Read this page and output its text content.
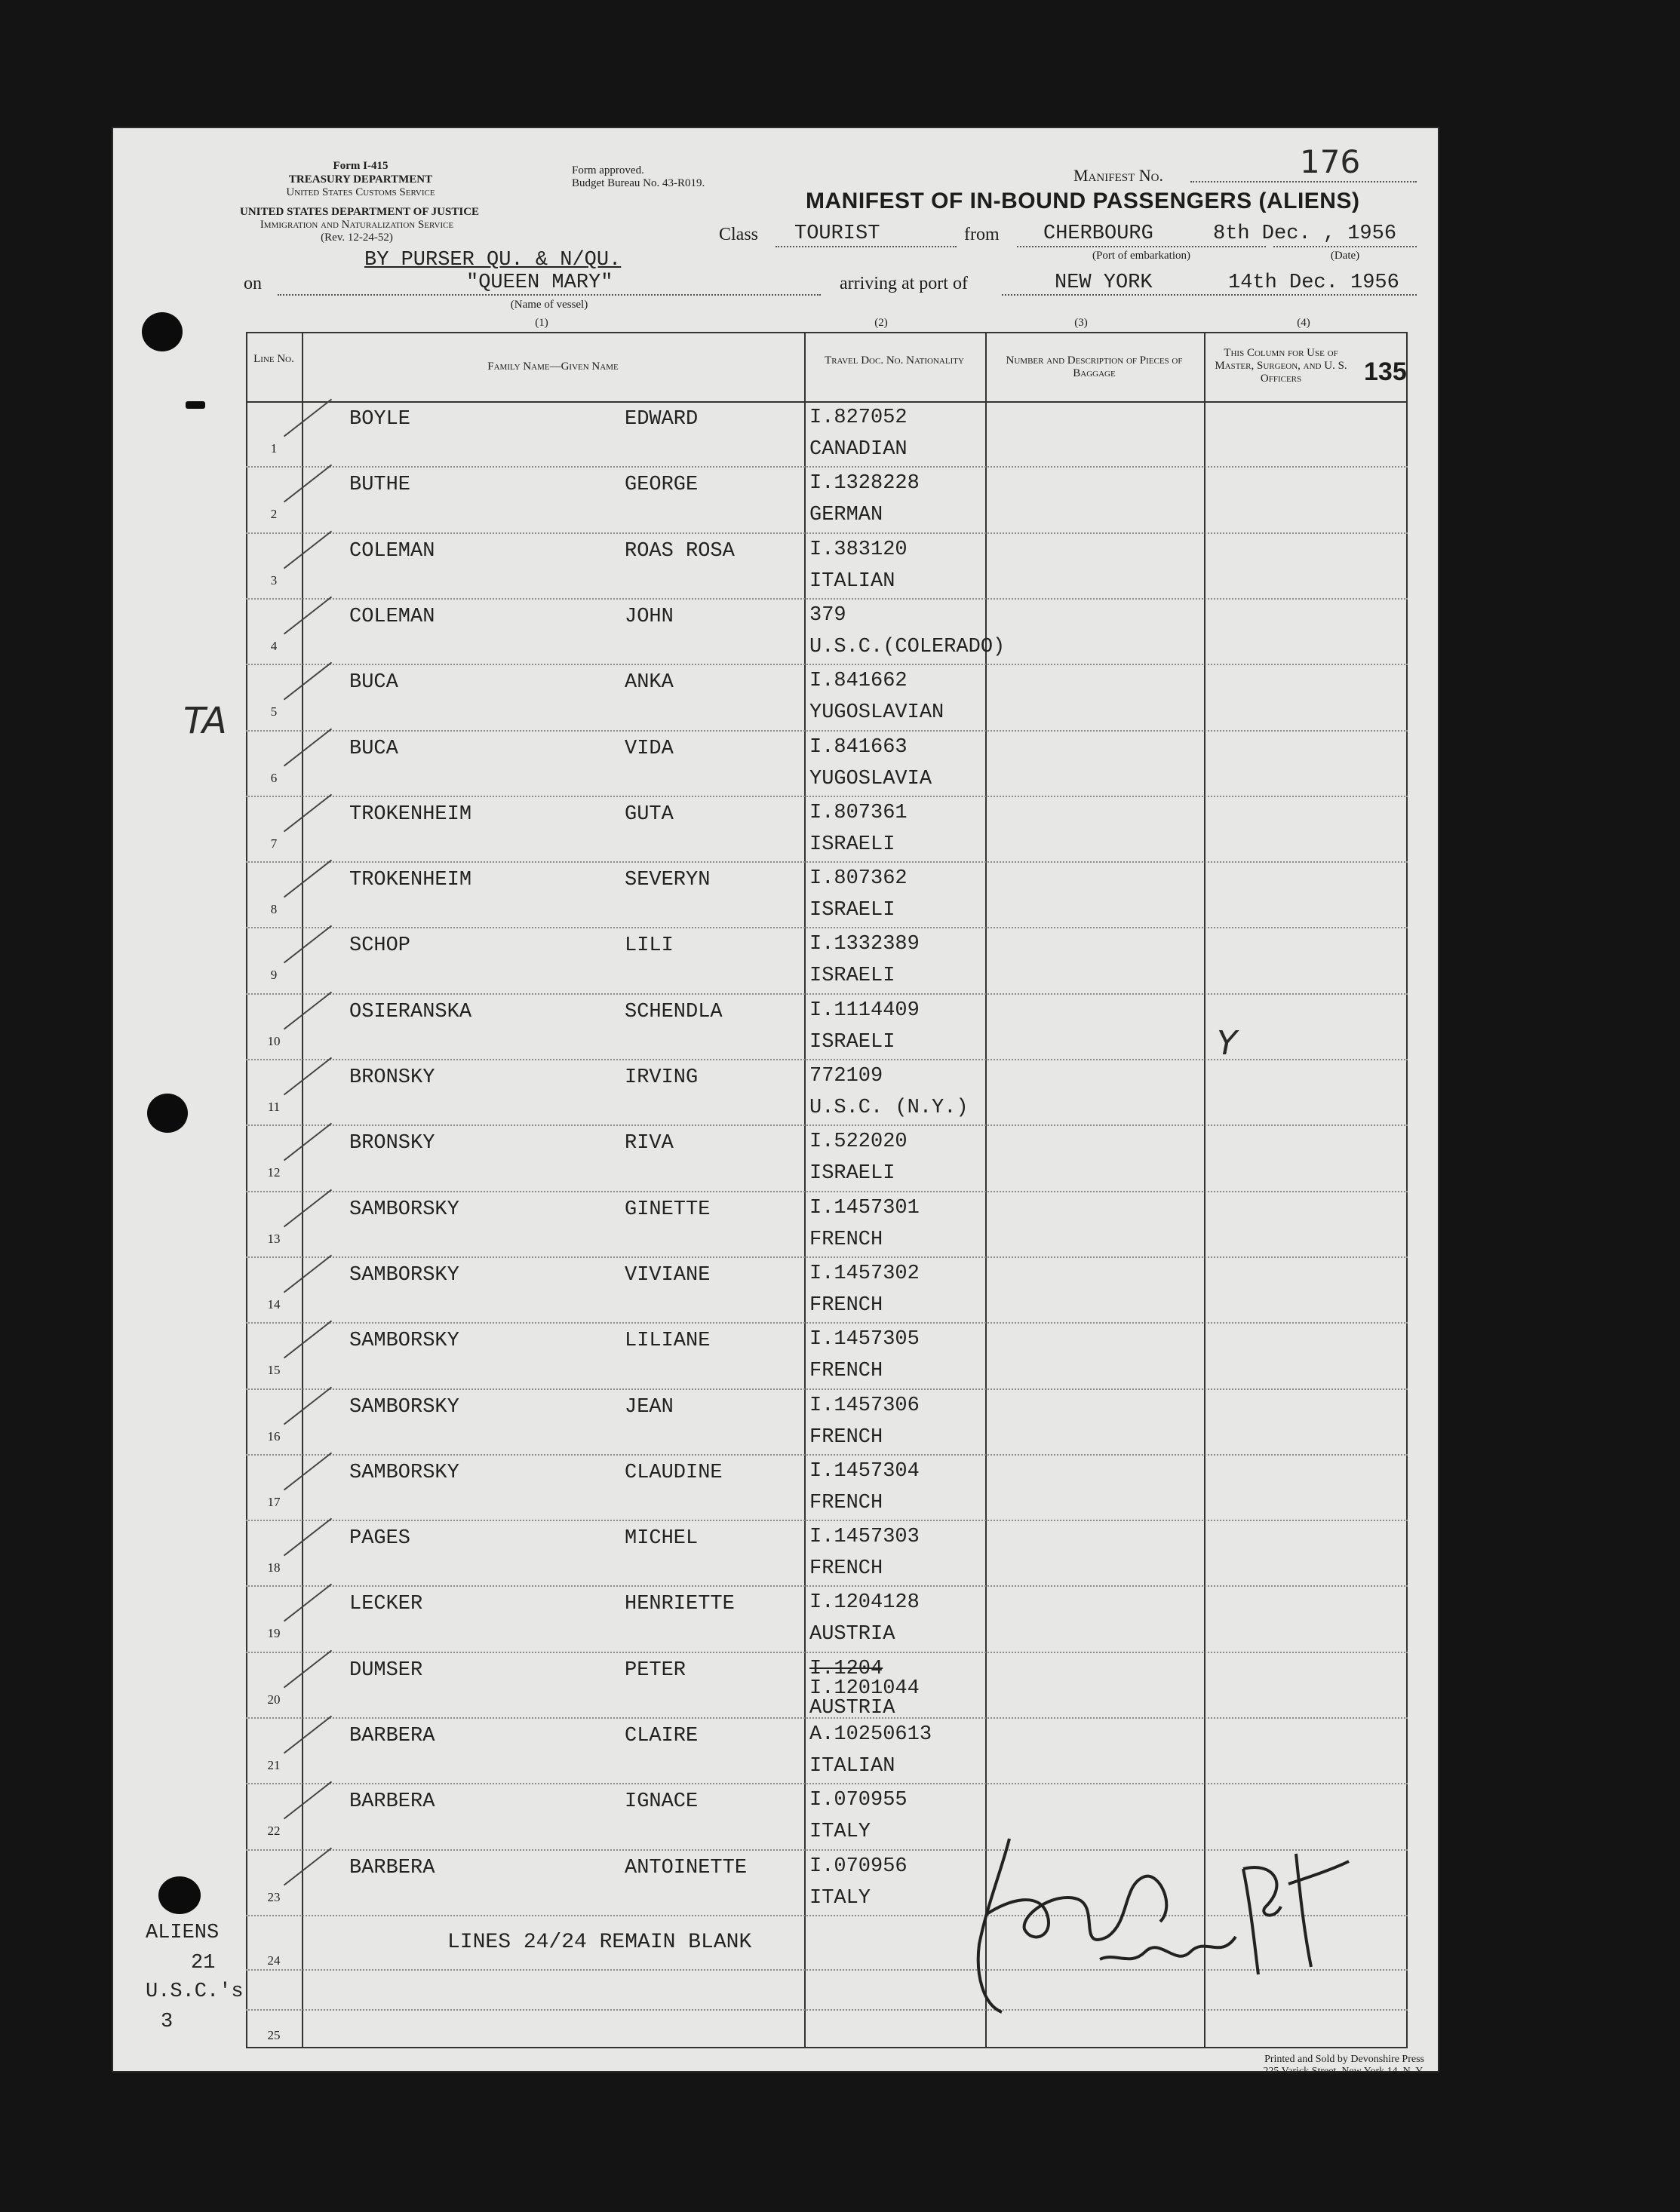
Form I-415
TREASURY DEPARTMENT
United States Customs Service
UNITED STATES DEPARTMENT OF JUSTICE
Immigration and Naturalization Service
(Rev. 12-24-52)
Form approved.
Budget Bureau No. 43-R019.	Manifest No.	176
MANIFEST OF IN-BOUND PASSENGERS (ALIENS)
Class TOURIST	from CHERBOURG
(Port of embarkation)
8th Dec. , 1956
(Date)
BY PURSER QU. & N/QU.
on	"QUEEN MARY"
(Name of vessel)
arriving at port of	NEW YORK	14th Dec. 1956
(1)	(2)	(3)	(4)
Line No.
Family Name—Given Name	Travel Doc. No. Nationality	Number and Description of Pieces of Baggage
This Column for Use of Master, Surgeon, and U. S. Officers	135
1
BOYLE	EDWARD	I.827052
CANADIAN
2
BUTHE	GEORGE	I.1328228
GERMAN
3
COLEMAN	ROAS ROSA	I.383120
ITALIAN
4
COLEMAN	JOHN	379
U.S.C.(COLERADO)
5
BUCA	ANKA	I.841662
YUGOSLAVIAN
6
BUCA	VIDA	I.841663
YUGOSLAVIA
7
TROKENHEIM	GUTA	I.807361
ISRAELI
8
TROKENHEIM	SEVERYN	I.807362
ISRAELI
9
SCHOP	LILI	I.1332389
ISRAELI
10
OSIERANSKA	SCHENDLA	I.1114409
ISRAELI
11
BRONSKY	IRVING	772109
U.S.C. (N.Y.)
12
BRONSKY	RIVA	I.522020
ISRAELI
13
SAMBORSKY	GINETTE	I.1457301
FRENCH
14
SAMBORSKY	VIVIANE	I.1457302
FRENCH
15
SAMBORSKY	LILIANE	I.1457305
FRENCH
16
SAMBORSKY	JEAN	I.1457306
FRENCH
17
SAMBORSKY	CLAUDINE	I.1457304
FRENCH
18
PAGES	MICHEL	I.1457303
FRENCH
19
LECKER	HENRIETTE	I.1204128
AUSTRIA
20
DUMSER	PETER	I.1204
I.1201044
AUSTRIA
21
BARBERA	CLAIRE	A.10250613
ITALIAN
22
BARBERA	IGNACE	I.070955
ITALY
23
BARBERA	ANTOINETTE	I.070956
ITALY
24
25
LINES 24/24 REMAIN BLANK
TA
Y
ALIENS
21
U.S.C.'s
3
Printed and Sold by Devonshire Press
225 Varick Street, New York 14, N. Y.
